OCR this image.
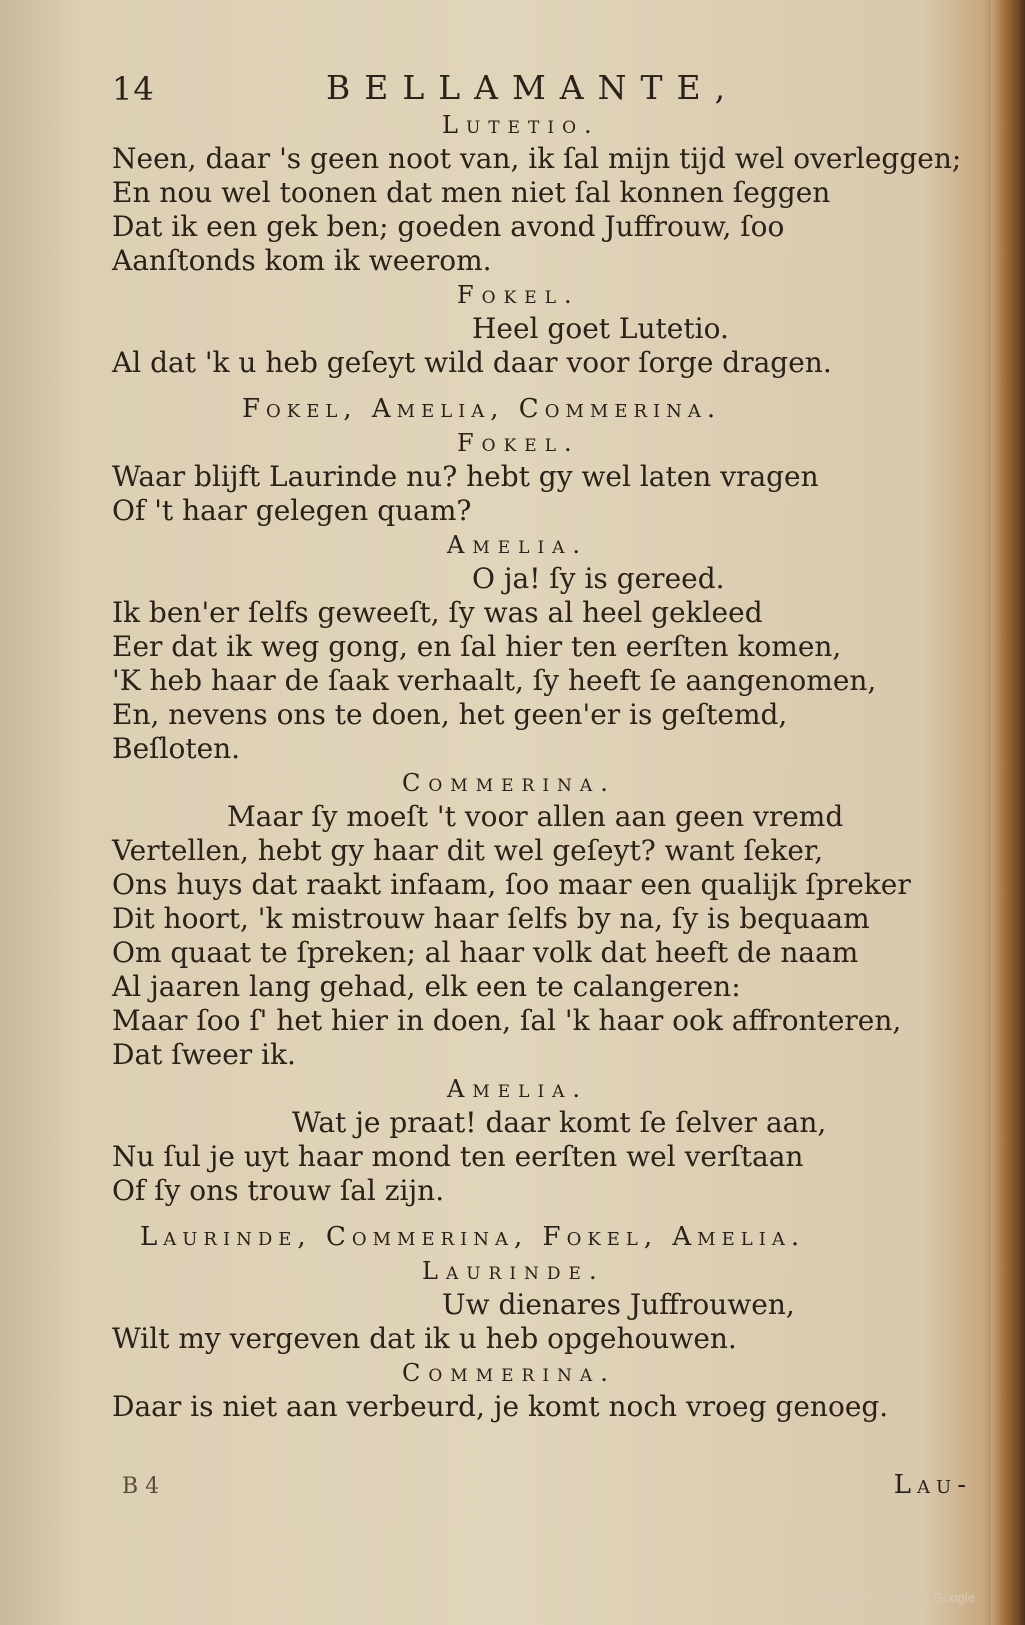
14	BELLAMANTE,
Lutetio.
Neen, daar 's geen noot van, ik ſal mijn tijd wel overleggen;
En nou wel toonen dat men niet ſal konnen ſeggen
Dat ik een gek ben; goeden avond Juffrouw, ſoo
Aanſtonds kom ik weerom.
Fokel.
Heel goet Lutetio.
Al dat 'k u heb geſeyt wild daar voor ſorge dragen.
Fokel, Amelia, Commerina.
Fokel.
Waar blijft Laurinde nu? hebt gy wel laten vragen
Of 't haar gelegen quam?
Amelia.
O ja! ſy is gereed.
Ik ben'er ſelfs geweeſt, ſy was al heel gekleed
Eer dat ik weg gong, en ſal hier ten eerſten komen,
'K heb haar de ſaak verhaalt, ſy heeft ſe aangenomen,
En, nevens ons te doen, het geen'er is geſtemd,
Beſloten.
Commerina.
Maar ſy moeſt 't voor allen aan geen vremd
Vertellen, hebt gy haar dit wel geſeyt? want ſeker,
Ons huys dat raakt infaam, ſoo maar een qualijk ſpreker
Dit hoort, 'k mistrouw haar ſelfs by na, ſy is bequaam
Om quaat te ſpreken; al haar volk dat heeft de naam
Al jaaren lang gehad, elk een te calangeren:
Maar ſoo ſ' het hier in doen, ſal 'k haar ook affronteren,
Dat ſweer ik.
Amelia.
Wat je praat! daar komt ſe ſelver aan,
Nu ſul je uyt haar mond ten eerſten wel verſtaan
Of ſy ons trouw ſal zijn.
Laurinde, Commerina, Fokel, Amelia.
Laurinde.
Uw dienares Juffrouwen,
Wilt my vergeven dat ik u heb opgehouwen.
Commerina.
Daar is niet aan verbeurd, je komt noch vroeg genoeg.
B 4	Lau-
Gedigitaliseerd door Google
